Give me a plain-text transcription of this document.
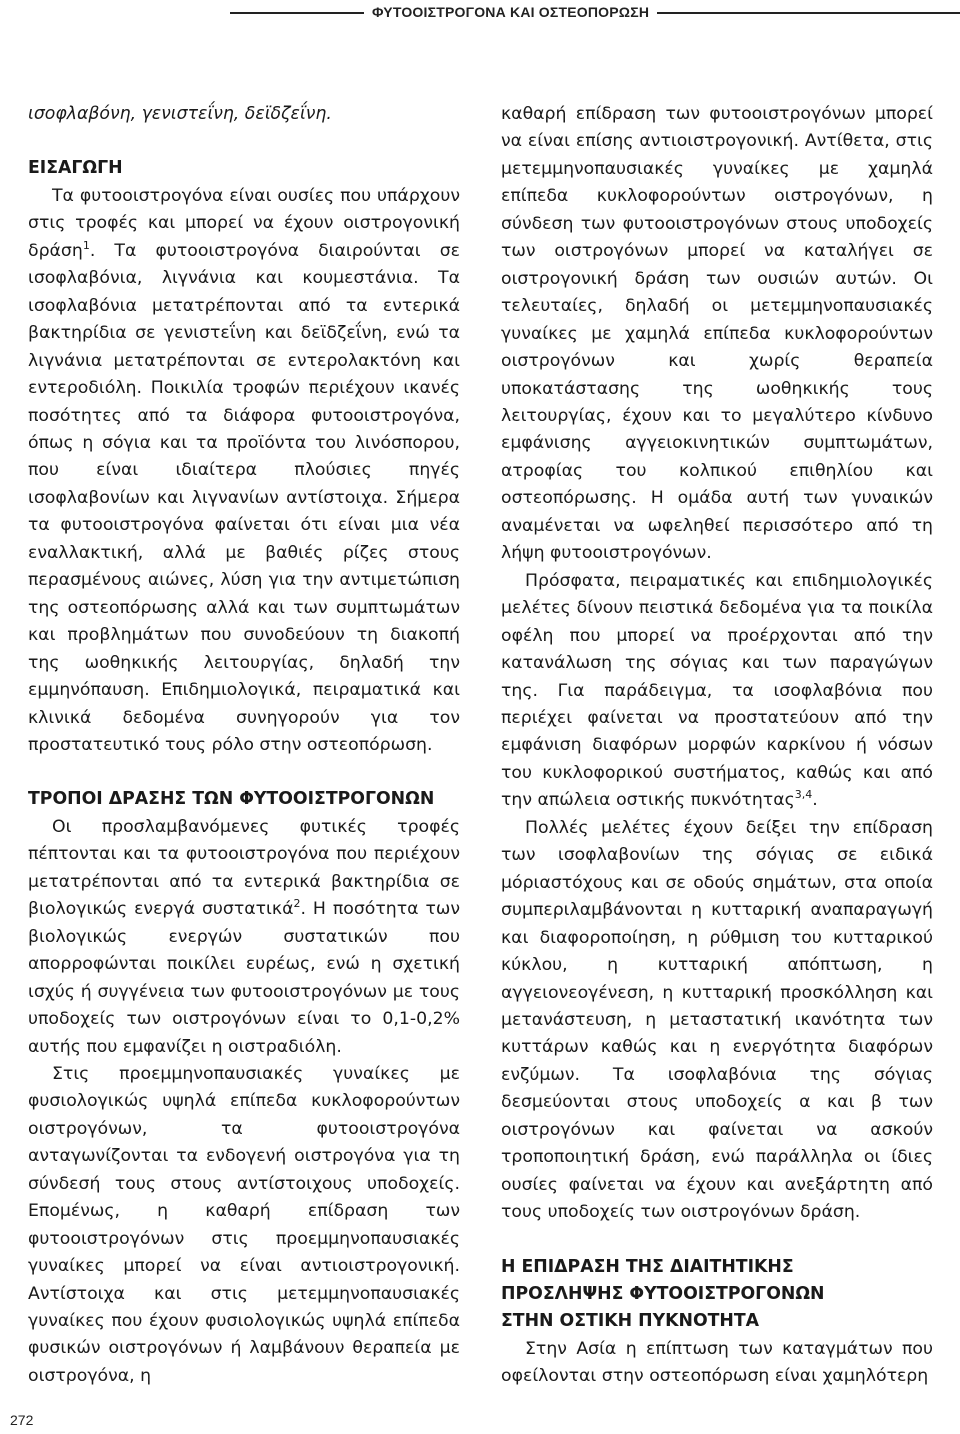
ΦΥΤΟΟΙΣΤΡΟΓΟΝΑ ΚΑΙ ΟΣΤΕΟΠΟΡΩΣΗ

ισοφλαβόνη, γενιστεΐνη, δεϊδζεΐνη.

ΕΙΣΑΓΩΓΗ

Τα φυτοοιστρογόνα είναι ουσίες που υπάρχουν στις τροφές και μπορεί να έχουν οιστρογονική δράση$^1$. Τα φυτοοιστρογόνα διαιρούνται σε ισοφλαβόνια, λιγνάνια και κουμεστάνια. Τα ισοφλαβόνια μετατρέπονται από τα εντερικά βακτηρίδια σε γενιστεΐνη και δεϊδζεΐνη, ενώ τα λιγνάνια μετατρέπονται σε εντερολακτόνη και εντεροδιόλη. Ποικιλία τροφών περιέχουν ικανές ποσότητες από τα διάφορα φυτοοιστρογόνα, όπως η σόγια και τα προϊόντα του λινόσπορου, που είναι ιδιαίτερα πλούσιες πηγές ισοφλαβονίων και λιγνανίων αντίστοιχα. Σήμερα τα φυτοοιστρογόνα φαίνεται ότι είναι μια νέα εναλλακτική, αλλά με βαθιές ρίζες στους περασμένους αιώνες, λύση για την αντιμετώπιση της οστεοπόρωσης αλλά και των συμπτωμάτων και προβλημάτων που συνοδεύουν τη διακοπή της ωοθηκικής λειτουργίας, δηλαδή την εμμηνόπαυση. Επιδημιολογικά, πειραματικά και κλινικά δεδομένα συνηγορούν για τον προστατευτικό τους ρόλο στην οστεοπόρωση.

ΤΡΟΠΟΙ ΔΡΑΣΗΣ ΤΩΝ ΦΥΤΟΟΙΣΤΡΟΓΟΝΩΝ

Οι προσλαμβανόμενες φυτικές τροφές πέπτονται και τα φυτοοιστρογόνα που περιέχουν μετατρέπονται από τα εντερικά βακτηρίδια σε βιολογικώς ενεργά συστατικά$^2$. Η ποσότητα των βιολογικώς ενεργών συστατικών που απορροφώνται ποικίλει ευρέως, ενώ η σχετική ισχύς ή συγγένεια των φυτοοιστρογόνων με τους υποδοχείς των οιστρογόνων είναι το 0,1-0,2% αυτής που εμφανίζει η οιστραδιόλη.

Στις προεμμηνοπαυσιακές γυναίκες με φυσιολογικώς υψηλά επίπεδα κυκλοφορούντων οιστρογόνων, τα φυτοοιστρογόνα ανταγωνίζονται τα ενδογενή οιστρογόνα για τη σύνδεσή τους στους αντίστοιχους υποδοχείς. Επομένως, η καθαρή επίδραση των φυτοοιστρογόνων στις προεμμηνοπαυσιακές γυναίκες μπορεί να είναι αντιοιστρογονική. Αντίστοιχα και στις μετεμμηνοπαυσιακές γυναίκες που έχουν φυσιολογικώς υψηλά επίπεδα φυσικών οιστρογόνων ή λαμβάνουν θεραπεία με οιστρογόνα, η

καθαρή επίδραση των φυτοοιστρογόνων μπορεί να είναι επίσης αντιοιστρογονική. Αντίθετα, στις μετεμμηνοπαυσιακές γυναίκες με χαμηλά επίπεδα κυκλοφορούντων οιστρογόνων, η σύνδεση των φυτοοιστρογόνων στους υποδοχείς των οιστρογόνων μπορεί να καταλήγει σε οιστρογονική δράση των ουσιών αυτών. Οι τελευταίες, δηλαδή οι μετεμμηνοπαυσιακές γυναίκες με χαμηλά επίπεδα κυκλοφορούντων οιστρογόνων και χωρίς θεραπεία υποκατάστασης της ωοθηκικής τους λειτουργίας, έχουν και το μεγαλύτερο κίνδυνο εμφάνισης αγγειοκινητικών συμπτωμάτων, ατροφίας του κολπικού επιθηλίου και οστεοπόρωσης. Η ομάδα αυτή των γυναικών αναμένεται να ωφεληθεί περισσότερο από τη λήψη φυτοοιστρογόνων.

Πρόσφατα, πειραματικές και επιδημιολογικές μελέτες δίνουν πειστικά δεδομένα για τα ποικίλα οφέλη που μπορεί να προέρχονται από την κατανάλωση της σόγιας και των παραγώγων της. Για παράδειγμα, τα ισοφλαβόνια που περιέχει φαίνεται να προστατεύουν από την εμφάνιση διαφόρων μορφών καρκίνου ή νόσων του κυκλοφορικού συστήματος, καθώς και από την απώλεια οστικής πυκνότητας$^{3,4}$.

Πολλές μελέτες έχουν δείξει την επίδραση των ισοφλαβονίων της σόγιας σε ειδικά μόριαστόχους και σε οδούς σημάτων, στα οποία συμπεριλαμβάνονται η κυτταρική αναπαραγωγή και διαφοροποίηση, η ρύθμιση του κυτταρικού κύκλου, η κυτταρική απόπτωση, η αγγειονεογένεση, η κυτταρική προσκόλληση και μετανάστευση, η μεταστατική ικανότητα των κυττάρων καθώς και η ενεργότητα διαφόρων ενζύμων. Τα ισοφλαβόνια της σόγιας δεσμεύονται στους υποδοχείς α και β των οιστρογόνων και φαίνεται να ασκούν τροποποιητική δράση, ενώ παράλληλα οι ίδιες ουσίες φαίνεται να έχουν και ανεξάρτητη από τους υποδοχείς των οιστρογόνων δράση.

Η ΕΠΙΔΡΑΣΗ ΤΗΣ ΔΙΑΙΤΗΤΙΚΗΣ
ΠΡΟΣΛΗΨΗΣ ΦΥΤΟΟΙΣΤΡΟΓΟΝΩΝ
ΣΤΗΝ ΟΣΤΙΚΗ ΠΥΚΝΟΤΗΤΑ

Στην Ασία η επίπτωση των καταγμάτων που οφείλονται στην οστεοπόρωση είναι χαμηλότερη

272
